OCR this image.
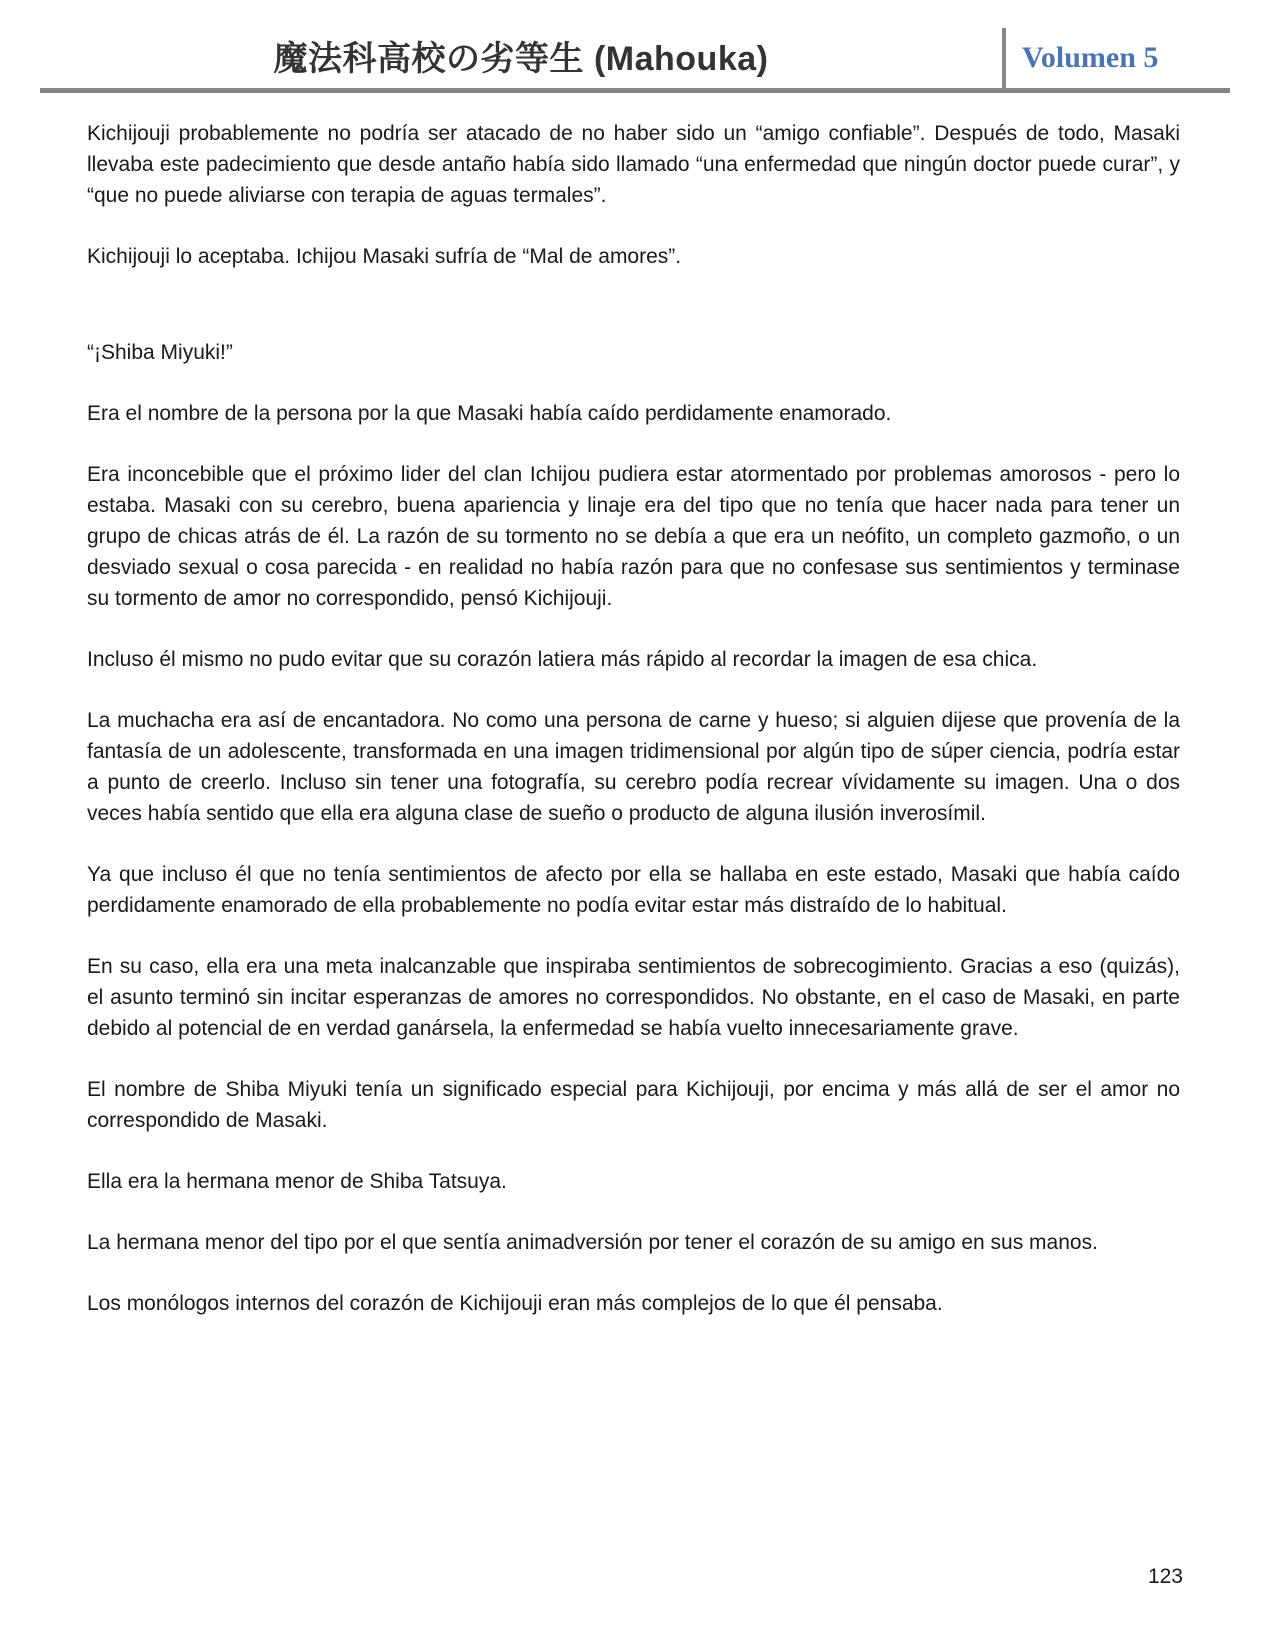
魔法科高校の劣等生 (Mahouka)	Volumen 5

Kichijouji probablemente no podría ser atacado de no haber sido un “amigo confiable”. Después de todo, Masaki llevaba este padecimiento que desde antaño había sido llamado “una enfermedad que ningún doctor puede curar”, y “que no puede aliviarse con terapia de aguas termales”.

Kichijouji lo aceptaba. Ichijou Masaki sufría de “Mal de amores”.

“¡Shiba Miyuki!”

Era el nombre de la persona por la que Masaki había caído perdidamente enamorado.

Era inconcebible que el próximo lider del clan Ichijou pudiera estar atormentado por problemas amorosos - pero lo estaba. Masaki con su cerebro, buena apariencia y linaje era del tipo que no tenía que hacer nada para tener un grupo de chicas atrás de él. La razón de su tormento no se debía a que era un neófito, un completo gazmoño, o un desviado sexual o cosa parecida - en realidad no había razón para que no confesase sus sentimientos y terminase su tormento de amor no correspondido, pensó Kichijouji.

Incluso él mismo no pudo evitar que su corazón latiera más rápido al recordar la imagen de esa chica.

La muchacha era así de encantadora. No como una persona de carne y hueso; si alguien dijese que provenía de la fantasía de un adolescente, transformada en una imagen tridimensional por algún tipo de súper ciencia, podría estar a punto de creerlo. Incluso sin tener una fotografía, su cerebro podía recrear vívidamente su imagen. Una o dos veces había sentido que ella era alguna clase de sueño o producto de alguna ilusión inverosímil.

Ya que incluso él que no tenía sentimientos de afecto por ella se hallaba en este estado, Masaki que había caído perdidamente enamorado de ella probablemente no podía evitar estar más distraído de lo habitual.

En su caso, ella era una meta inalcanzable que inspiraba sentimientos de sobrecogimiento. Gracias a eso (quizás), el asunto terminó sin incitar esperanzas de amores no correspondidos. No obstante, en el caso de Masaki, en parte debido al potencial de en verdad ganársela, la enfermedad se había vuelto innecesariamente grave.

El nombre de Shiba Miyuki tenía un significado especial para Kichijouji, por encima y más allá de ser el amor no correspondido de Masaki.

Ella era la hermana menor de Shiba Tatsuya.

La hermana menor del tipo por el que sentía animadversión por tener el corazón de su amigo en sus manos.

Los monólogos internos del corazón de Kichijouji eran más complejos de lo que él pensaba.

123
